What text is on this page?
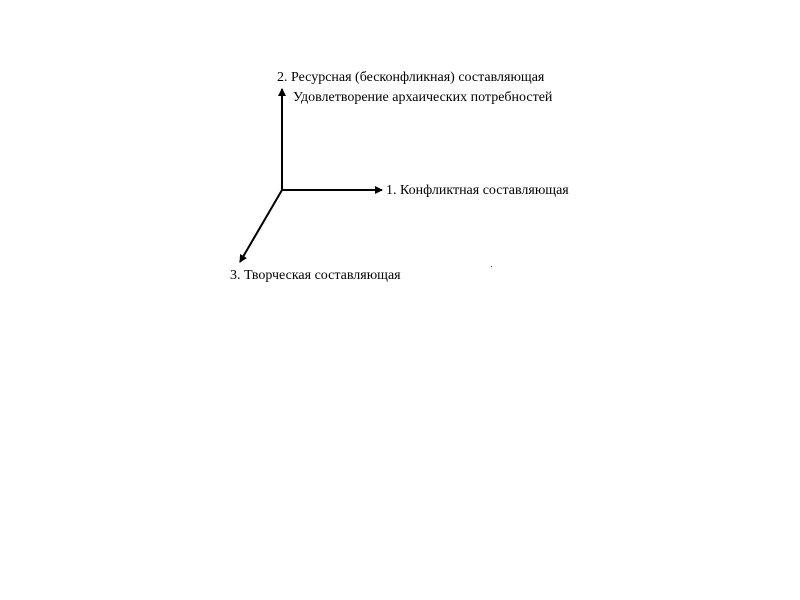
2. Ресурсная (бесконфликная) составляющая
Удовлетворение архаических потребностей
1. Конфликтная составляющая
3. Творческая составляющая
